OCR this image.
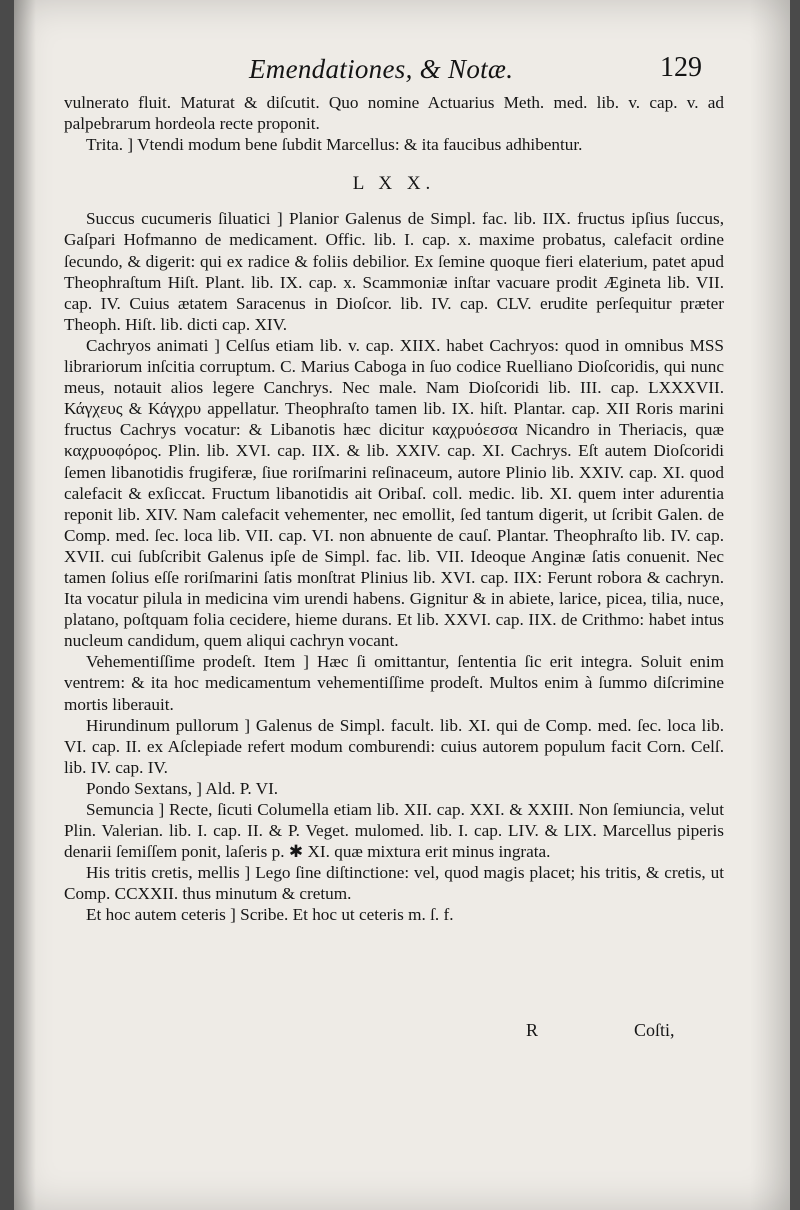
Emendationes, & Notæ.	129

vulnerato fluit. Maturat & diſcutit. Quo nomine Actuarius Meth. med. lib. v. cap. v. ad palpebrarum hordeola recte proponit.

Trita. ] Vtendi modum bene ſubdit Marcellus: & ita faucibus adhibentur.

L X X.

Succus cucumeris ſiluatici ] Planior Galenus de Simpl. fac. lib. IIX. fructus ipſius ſuccus, Gaſpari Hofmanno de medicament. Offic. lib. I. cap. x. maxime probatus, calefacit ordine ſecundo, & digerit: qui ex radice & foliis debilior. Ex ſemine quoque fieri elaterium, patet apud Theophraſtum Hiſt. Plant. lib. IX. cap. x. Scammoniæ inſtar vacuare prodit Ægineta lib. VII. cap. IV. Cuius ætatem Saracenus in Dioſcor. lib. IV. cap. CLV. erudite perſequitur præter Theoph. Hiſt. lib. dicti cap. XIV.

Cachryos animati ] Celſus etiam lib. v. cap. XIIX. habet Cachryos: quod in omnibus MSS librariorum inſcitia corruptum. C. Marius Caboga in ſuo codice Ruelliano Dioſcoridis, qui nunc meus, notauit alios legere Canchrys. Nec male. Nam Dioſcoridi lib. III. cap. LXXXVII. Κάγχευς & Κάγχρυ appellatur. Theophraſto tamen lib. IX. hiſt. Plantar. cap. XII Roris marini fructus Cachrys vocatur: & Libanotis hæc dicitur καχρυόεσσα Nicandro in Theriacis, quæ καχρυοφόρος. Plin. lib. XVI. cap. IIX. & lib. XXIV. cap. XI. Cachrys. Eſt autem Dioſcoridi ſemen libanotidis frugiferæ, ſiue roriſmarini reſinaceum, autore Plinio lib. XXIV. cap. XI. quod calefacit & exſiccat. Fructum libanotidis ait Oribaſ. coll. medic. lib. XI. quem inter adurentia reponit lib. XIV. Nam calefacit vehementer, nec emollit, ſed tantum digerit, ut ſcribit Galen. de Comp. med. ſec. loca lib. VII. cap. VI. non abnuente de cauſ. Plantar. Theophraſto lib. IV. cap. XVII. cui ſubſcribit Galenus ipſe de Simpl. fac. lib. VII. Ideoque Anginæ ſatis conuenit. Nec tamen ſolius eſſe roriſmarini ſatis monſtrat Plinius lib. XVI. cap. IIX: Ferunt robora & cachryn. Ita vocatur pilula in medicina vim urendi habens. Gignitur & in abiete, larice, picea, tilia, nuce, platano, poſtquam folia cecidere, hieme durans. Et lib. XXVI. cap. IIX. de Crithmo: habet intus nucleum candidum, quem aliqui cachryn vocant.

Vehementiſſime prodeſt. Item ] Hæc ſi omittantur, ſententia ſic erit integra. Soluit enim ventrem: & ita hoc medicamentum vehementiſſime prodeſt. Multos enim à ſummo diſcrimine mortis liberauit.

Hirundinum pullorum ] Galenus de Simpl. facult. lib. XI. qui de Comp. med. ſec. loca lib. VI. cap. II. ex Aſclepiade refert modum comburendi: cuius autorem populum facit Corn. Celſ. lib. IV. cap. IV.

Pondo Sextans, ] Ald. P. VI.

Semuncia ] Recte, ſicuti Columella etiam lib. XII. cap. XXI. & XXIII. Non ſemiuncia, velut Plin. Valerian. lib. I. cap. II. & P. Veget. mulomed. lib. I. cap. LIV. & LIX. Marcellus piperis denarii ſemiſſem ponit, laſeris p. ✱ XI. quæ mixtura erit minus ingrata.

His tritis cretis, mellis ] Lego ſine diſtinctione: vel, quod magis placet; his tritis, & cretis, ut Comp. CCXXII. thus minutum & cretum.

Et hoc autem ceteris ] Scribe. Et hoc ut ceteris m. ſ. f.

R	Coſti,
